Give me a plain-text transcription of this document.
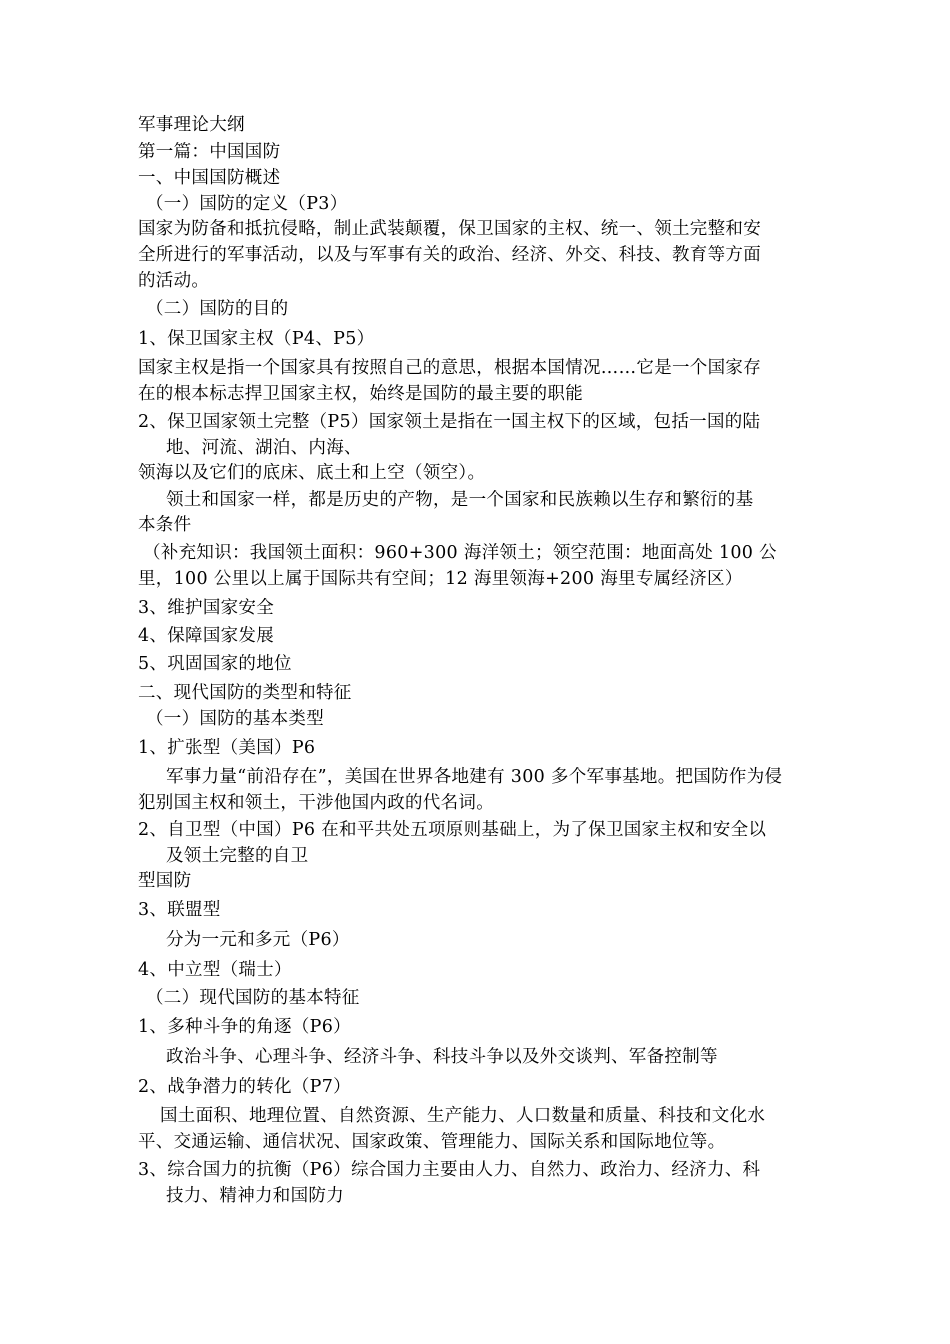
军事理论大纲

第一篇：中国国防

一、中国国防概述

（一）国防的定义（P3）

国家为防备和抵抗侵略，制止武装颠覆，保卫国家的主权、统一、领土完整和安

全所进行的军事活动，以及与军事有关的政治、经济、外交、科技、教育等方面

的活动。

（二）国防的目的

1、保卫国家主权（P4、P5）

国家主权是指一个国家具有按照自己的意思，根据本国情况……它是一个国家存

在的根本标志捍卫国家主权，始终是国防的最主要的职能

2、保卫国家领土完整（P5）国家领土是指在一国主权下的区域，包括一国的陆

地、河流、湖泊、内海、

领海以及它们的底床、底土和上空（领空）。

领土和国家一样，都是历史的产物，是一个国家和民族赖以生存和繁衍的基

本条件

（补充知识：我国领土面积：960+300 海洋领土；领空范围：地面高处 100 公

里，100 公里以上属于国际共有空间；12 海里领海+200 海里专属经济区）

3、维护国家安全

4、保障国家发展

5、巩固国家的地位

二、现代国防的类型和特征

（一）国防的基本类型

1、扩张型（美国）P6

军事力量“前沿存在”，美国在世界各地建有 300 多个军事基地。把国防作为侵

犯别国主权和领土，干涉他国内政的代名词。

2、自卫型（中国）P6 在和平共处五项原则基础上，为了保卫国家主权和安全以

及领土完整的自卫

型国防

3、联盟型

分为一元和多元（P6）

4、中立型（瑞士）

（二）现代国防的基本特征

1、多种斗争的角逐（P6）

政治斗争、心理斗争、经济斗争、科技斗争以及外交谈判、军备控制等

2、战争潜力的转化（P7）

国土面积、地理位置、自然资源、生产能力、人口数量和质量、科技和文化水

平、交通运输、通信状况、国家政策、管理能力、国际关系和国际地位等。

3、综合国力的抗衡（P6）综合国力主要由人力、自然力、政治力、经济力、科

技力、精神力和国防力
